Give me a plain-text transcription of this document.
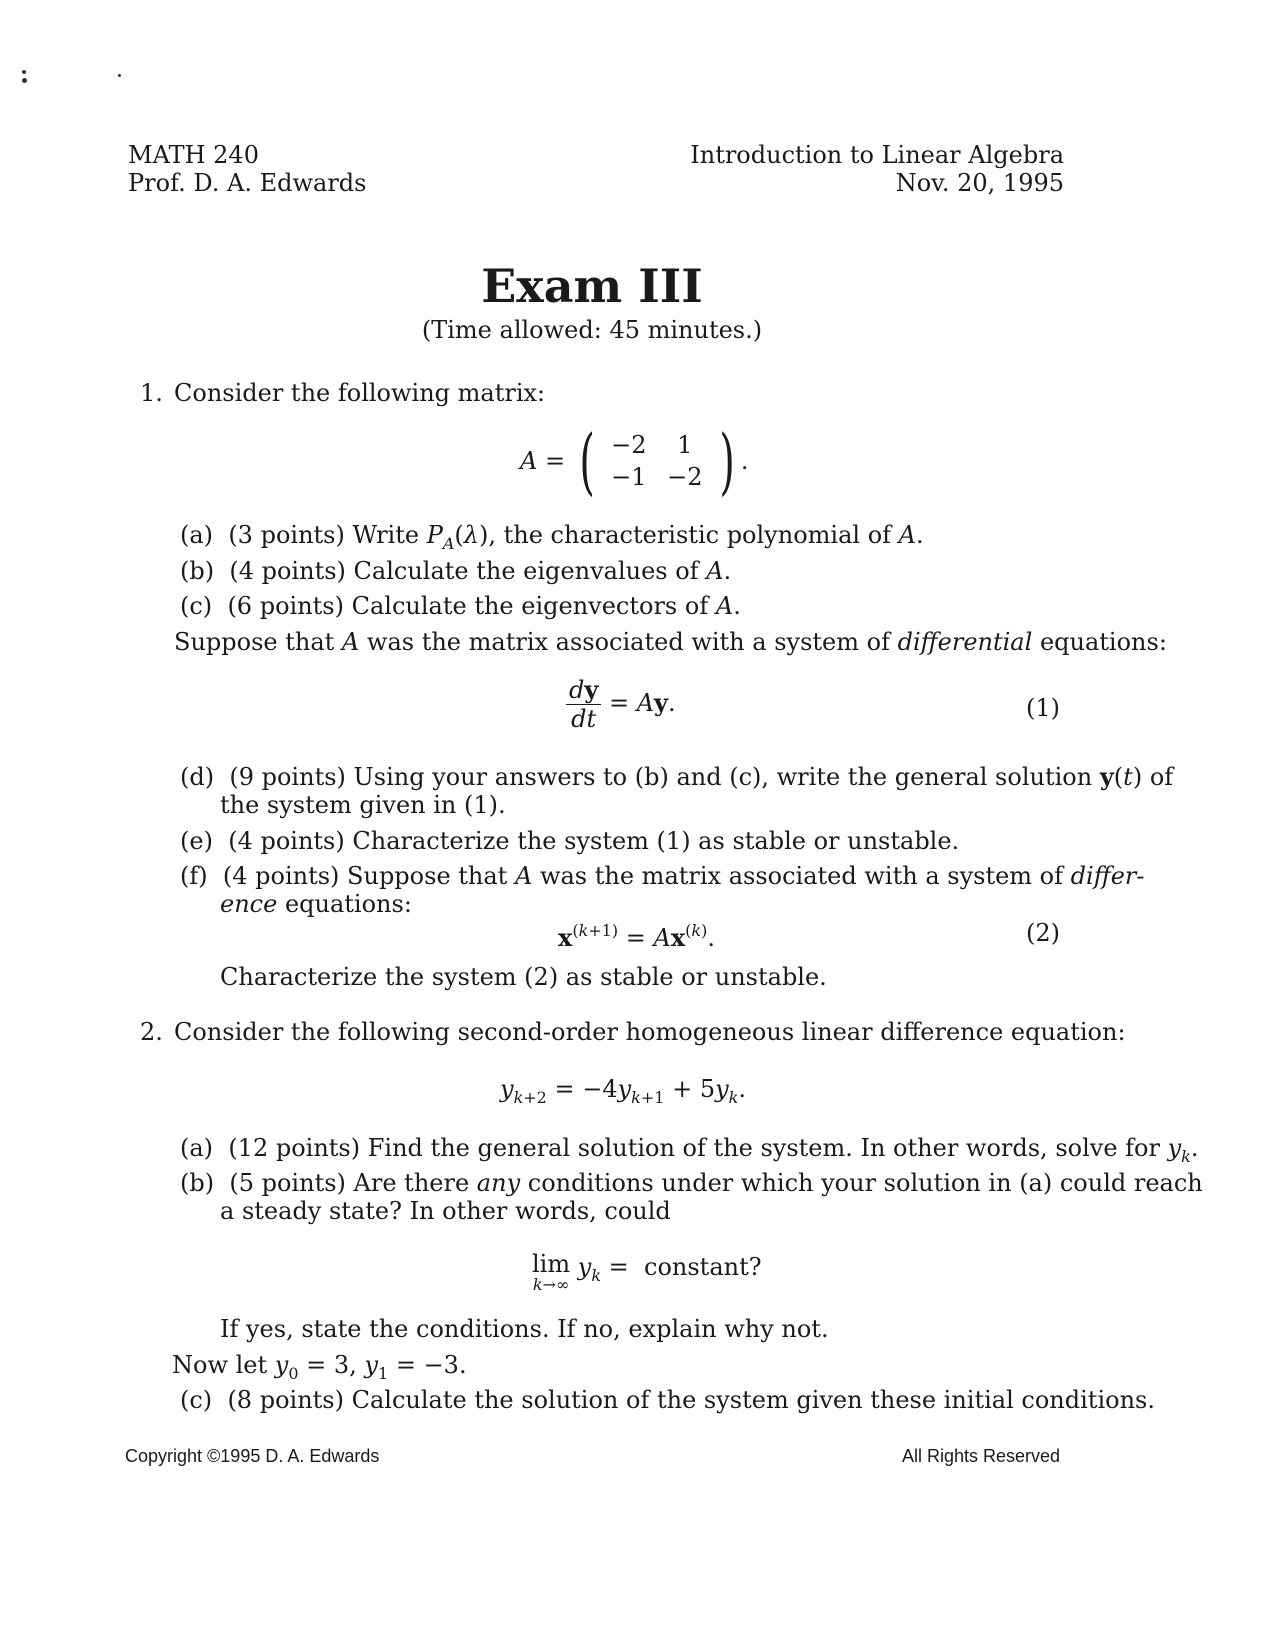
MATH 240
Prof. D. A. Edwards
Introduction to Linear Algebra
Nov. 20, 1995
Exam III
(Time allowed: 45 minutes.)
1. Consider the following matrix:
A = ( −2	1
−1 −2 ) .
(a) (3 points) Write $P_A(\lambda)$, the characteristic polynomial of A.
(b) (4 points) Calculate the eigenvalues of A.
(c) (6 points) Calculate the eigenvectors of A.
Suppose that A was the matrix associated with a system of differential equations:
$\frac{dy}{dt} = Ay$.	(1)
(d) (9 points) Using your answers to (b) and (c), write the general solution y(t) of
the system given in (1).
(e) (4 points) Characterize the system (1) as stable or unstable.
(f) (4 points) Suppose that A was the matrix associated with a system of differ-
ence equations:
$x^{(k+1)} = Ax^{(k)}$.	(2)
Characterize the system (2) as stable or unstable.
2. Consider the following second-order homogeneous linear difference equation:
$y_{k+2} = -4y_{k+1} + 5y_k$.
(a) (12 points) Find the general solution of the system. In other words, solve for $y_k$.
(b) (5 points) Are there any conditions under which your solution in (a) could reach
a steady state? In other words, could
lim
k→∞
$y_k$ =  constant?
If yes, state the conditions. If no, explain why not.
Now let $y_0 = 3$, $y_1 = -3$.
(c) (8 points) Calculate the solution of the system given these initial conditions.
Copyright ©1995 D. A. Edwards	All Rights Reserved
